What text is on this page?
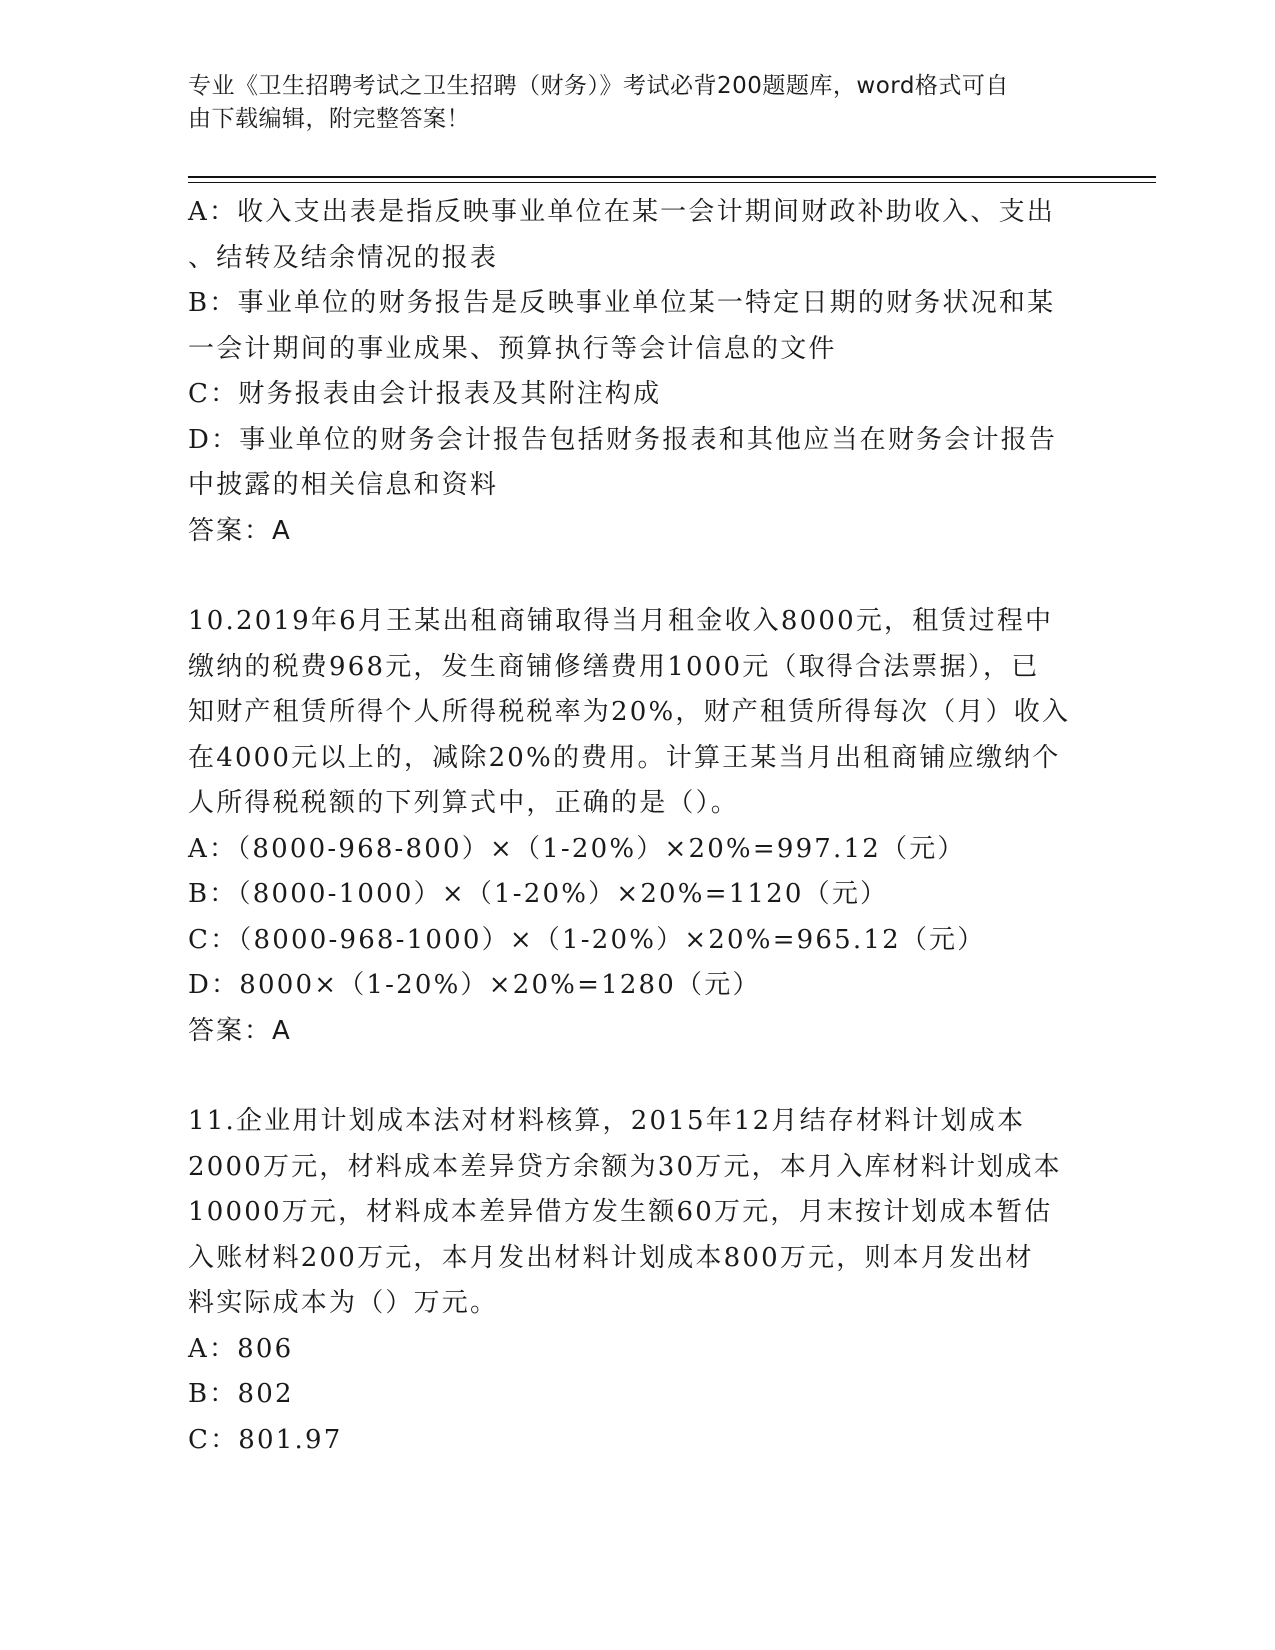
专业《卫生招聘考试之卫生招聘（财务）》考试必背200题题库，word格式可自
由下载编辑，附完整答案！
A：收入支出表是指反映事业单位在某一会计期间财政补助收入、支出
、结转及结余情况的报表
B：事业单位的财务报告是反映事业单位某一特定日期的财务状况和某
一会计期间的事业成果、预算执行等会计信息的文件
C：财务报表由会计报表及其附注构成
D：事业单位的财务会计报告包括财务报表和其他应当在财务会计报告
中披露的相关信息和资料
答案：A
10.2019年6月王某出租商铺取得当月租金收入8000元，租赁过程中
缴纳的税费968元，发生商铺修缮费用1000元（取得合法票据），已
知财产租赁所得个人所得税税率为20%，财产租赁所得每次（月）收入
在4000元以上的，减除20%的费用。计算王某当月出租商铺应缴纳个
人所得税税额的下列算式中，正确的是（）。
A：（8000-968-800）×（1-20%）×20%=997.12（元）
B：（8000-1000）×（1-20%）×20%=1120（元）
C：（8000-968-1000）×（1-20%）×20%=965.12（元）
D：8000×（1-20%）×20%=1280（元）
答案：A
11.企业用计划成本法对材料核算，2015年12月结存材料计划成本
2000万元，材料成本差异贷方余额为30万元，本月入库材料计划成本
10000万元，材料成本差异借方发生额60万元，月末按计划成本暂估
入账材料200万元，本月发出材料计划成本800万元，则本月发出材
料实际成本为（）万元。
A：806
B：802
C：801.97
